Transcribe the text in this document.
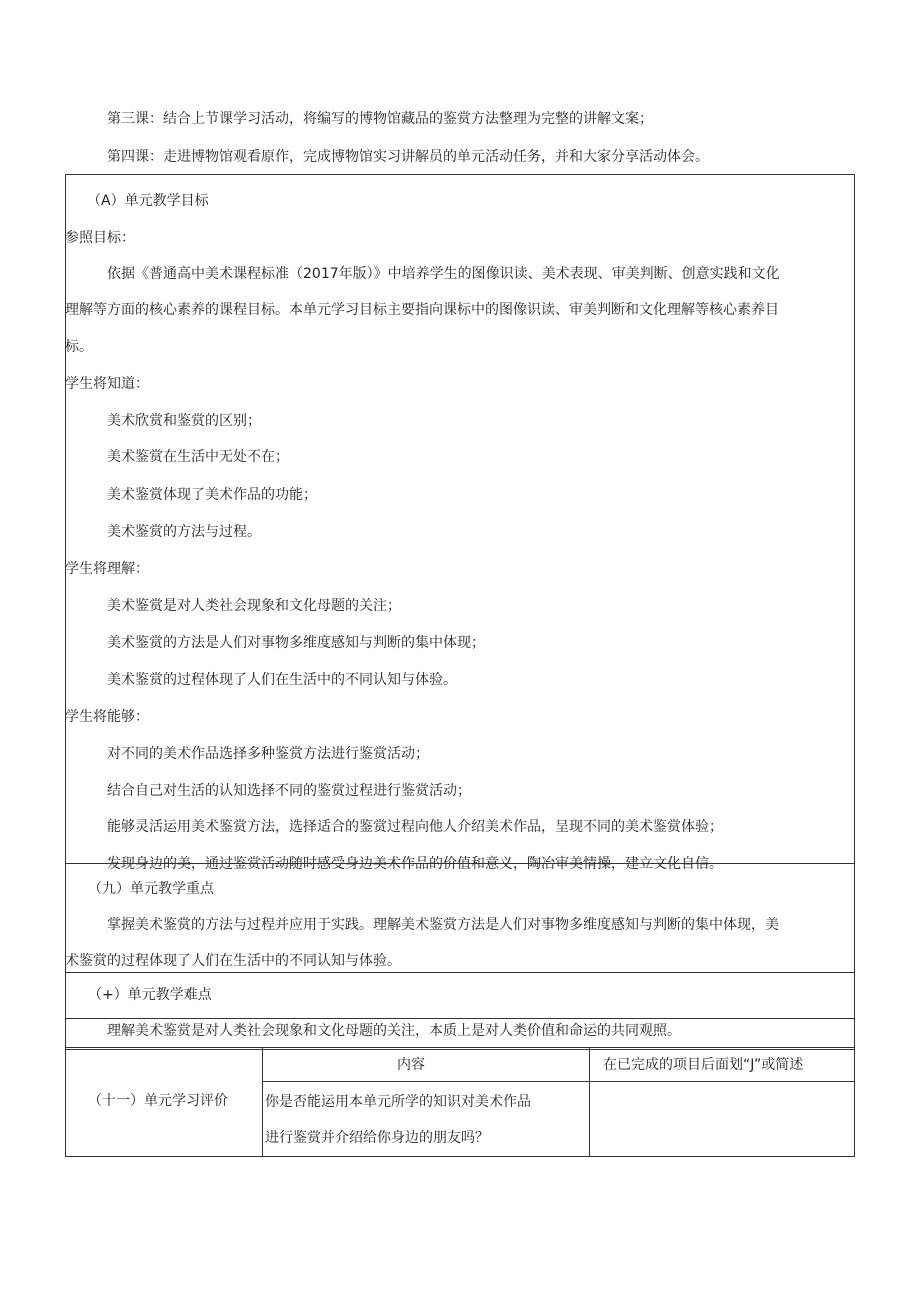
第三课：结合上节课学习活动，将编写的博物馆藏品的鉴赏方法整理为完整的讲解文案；
第四课：走进博物馆观看原作，完成博物馆实习讲解员的单元活动任务，并和大家分享活动体会。
（A）单元教学目标
参照目标：
依据《普通高中美术课程标准（2017年版）》中培养学生的图像识读、美术表现、审美判断、创意实践和文化
理解等方面的核心素养的课程目标。本单元学习目标主要指向课标中的图像识读、审美判断和文化理解等核心素养目
标。
学生将知道：
美术欣赏和鉴赏的区别；
美术鉴赏在生活中无处不在；
美术鉴赏体现了美术作品的功能；
美术鉴赏的方法与过程。
学生将理解：
美术鉴赏是对人类社会现象和文化母题的关注；
美术鉴赏的方法是人们对事物多维度感知与判断的集中体现；
美术鉴赏的过程体现了人们在生活中的不同认知与体验。
学生将能够：
对不同的美术作品选择多种鉴赏方法进行鉴赏活动；
结合自己对生活的认知选择不同的鉴赏过程进行鉴赏活动；
能够灵活运用美术鉴赏方法，选择适合的鉴赏过程向他人介绍美术作品，呈现不同的美术鉴赏体验；
发现身边的美，通过鉴赏活动随时感受身边美术作品的价值和意义，陶冶审美情操，建立文化自信。
（九）单元教学重点
掌握美术鉴赏的方法与过程并应用于实践。理解美术鉴赏方法是人们对事物多维度感知与判断的集中体现，美
术鉴赏的过程体现了人们在生活中的不同认知与体验。
（+）单元教学难点
理解美术鉴赏是对人类社会现象和文化母题的关注，本质上是对人类价值和命运的共同观照。
（十一）单元学习评价
内容	在已完成的项目后面划“J”或简述
你是否能运用本单元所学的知识对美术作品
进行鉴赏并介绍给你身边的朋友吗？
